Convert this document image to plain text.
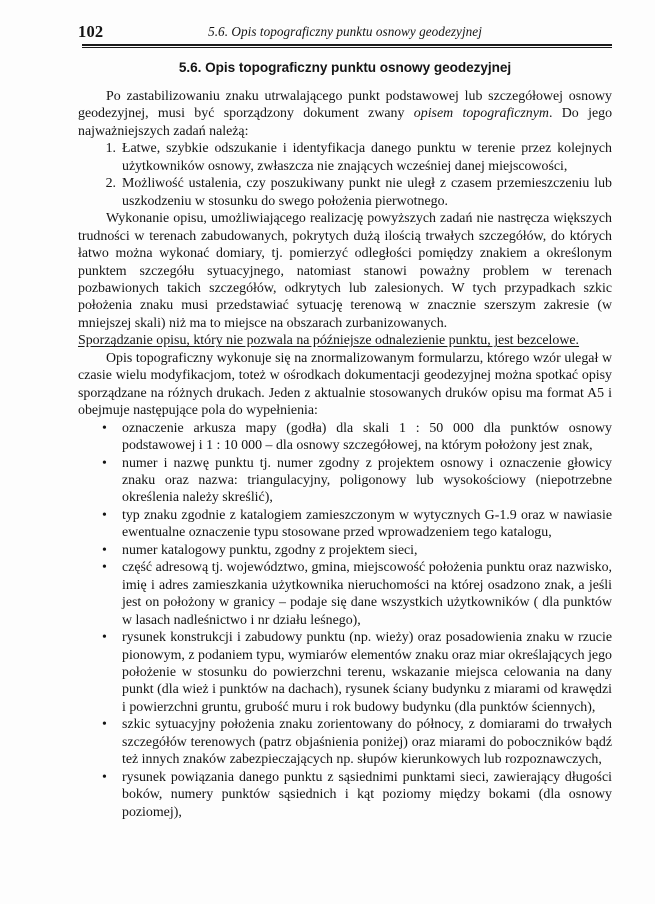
102	5.6. Opis topograficzny punktu osnowy geodezyjnej
5.6. Opis topograficzny punktu osnowy geodezyjnej

Po zastabilizowaniu znaku utrwalającego punkt podstawowej lub szczegółowej osnowy geodezyjnej, musi być sporządzony dokument zwany opisem topograficznym. Do jego najważniejszych zadań należą:

1. Łatwe, szybkie odszukanie i identyfikacja danego punktu w terenie przez kolejnych użytkowników osnowy, zwłaszcza nie znających wcześniej danej miejscowości,
2. Możliwość ustalenia, czy poszukiwany punkt nie uległ z czasem przemieszczeniu lub uszkodzeniu w stosunku do swego położenia pierwotnego.

Wykonanie opisu, umożliwiającego realizację powyższych zadań nie nastręcza większych trudności w terenach zabudowanych, pokrytych dużą ilością trwałych szczegółów, do których łatwo można wykonać domiary, tj. pomierzyć odległości pomiędzy znakiem a określonym punktem szczegółu sytuacyjnego, natomiast stanowi poważny problem w terenach pozbawionych takich szczegółów, odkrytych lub zalesionych. W tych przypadkach szkic położenia znaku musi przedstawiać sytuację terenową w znacznie szerszym zakresie (w mniejszej skali) niż ma to miejsce na obszarach zurbanizowanych.

Sporządzanie opisu, który nie pozwala na późniejsze odnalezienie punktu, jest bezcelowe.

Opis topograficzny wykonuje się na znormalizowanym formularzu, którego wzór ulegał w czasie wielu modyfikacjom, toteż w ośrodkach dokumentacji geodezyjnej można spotkać opisy sporządzane na różnych drukach. Jeden z aktualnie stosowanych druków opisu ma format A5 i obejmuje następujące pola do wypełnienia:

• oznaczenie arkusza mapy (godła) dla skali 1 : 50 000 dla punktów osnowy podstawowej i 1 : 10 000 – dla osnowy szczegółowej, na którym położony jest znak,
• numer i nazwę punktu tj. numer zgodny z projektem osnowy i oznaczenie głowicy znaku oraz nazwa: triangulacyjny, poligonowy lub wysokościowy (niepotrzebne określenia należy skreślić),
• typ znaku zgodnie z katalogiem zamieszczonym w wytycznych G-1.9 oraz w nawiasie ewentualne oznaczenie typu stosowane przed wprowadzeniem tego katalogu,
• numer katalogowy punktu, zgodny z projektem sieci,
• część adresową tj. województwo, gmina, miejscowość położenia punktu oraz nazwisko, imię i adres zamieszkania użytkownika nieruchomości na której osadzono znak, a jeśli jest on położony w granicy – podaje się dane wszystkich użytkowników ( dla punktów w lasach nadleśnictwo i nr działu leśnego),
• rysunek konstrukcji i zabudowy punktu (np. wieży) oraz posadowienia znaku w rzucie pionowym, z podaniem typu, wymiarów elementów znaku oraz miar określających jego położenie w stosunku do powierzchni terenu, wskazanie miejsca celowania na dany punkt (dla wież i punktów na dachach), rysunek ściany budynku z miarami od krawędzi i powierzchni gruntu, grubość muru i rok budowy budynku (dla punktów ściennych),
• szkic sytuacyjny położenia znaku zorientowany do północy, z domiarami do trwałych szczegółów terenowych (patrz objaśnienia poniżej) oraz miarami do pobocznikόw bądź też innych znaków zabezpieczających np. słupów kierunkowych lub rozpoznawczych,
• rysunek powiązania danego punktu z sąsiednimi punktami sieci, zawierający długości boków, numery punktów sąsiednich i kąt poziomy między bokami (dla osnowy poziomej),
